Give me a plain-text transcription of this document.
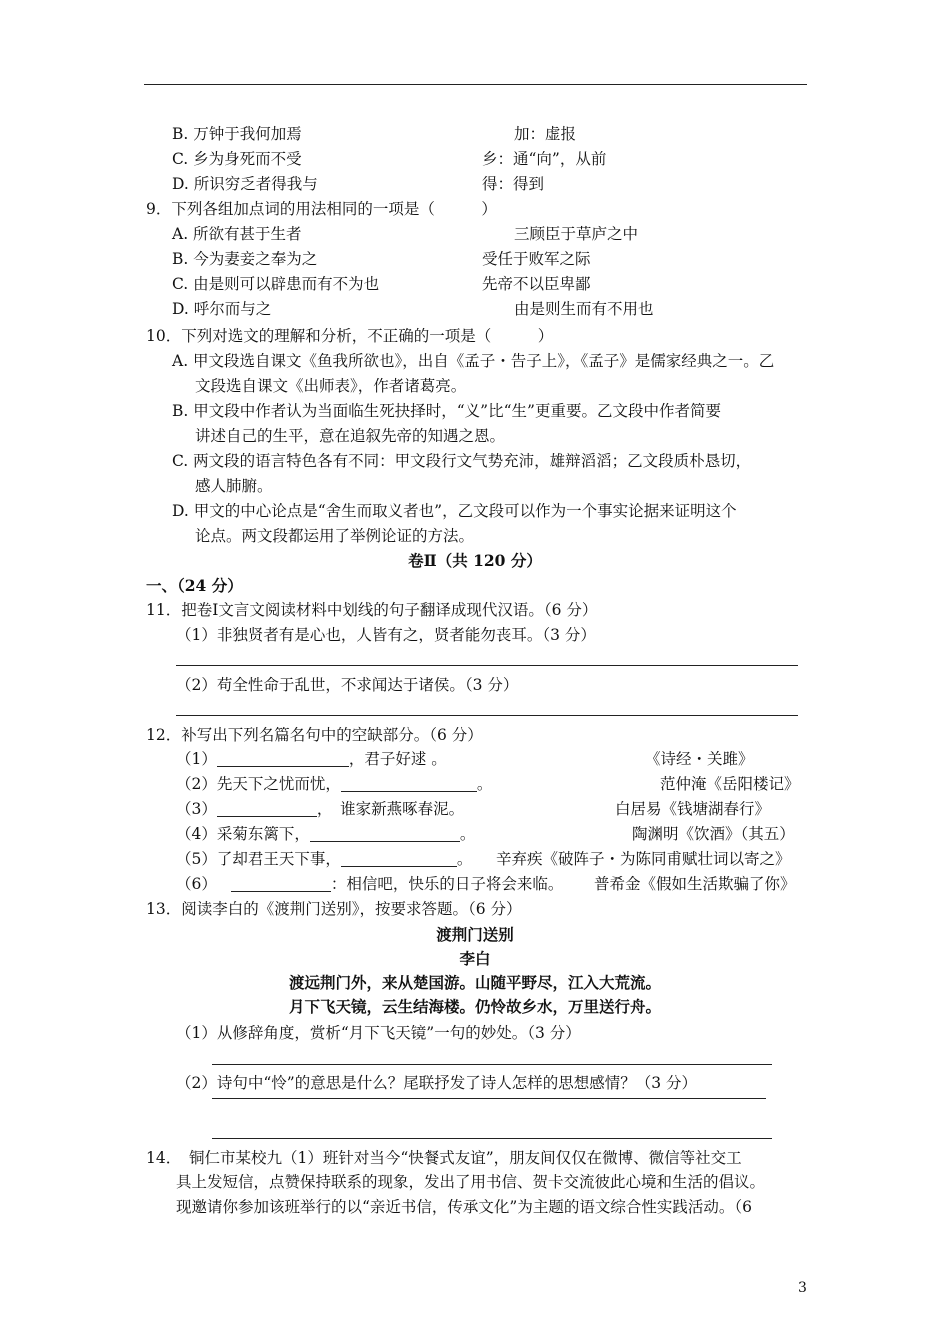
B. 万钟于我何加焉	加：虚报
C. 乡为身死而不受	乡：通“向”，从前
D. 所识穷乏者得我与	得：得到
9．下列各组加点词的用法相同的一项是（　　　）
A. 所欲有甚于生者	三顾臣于草庐之中
B. 今为妻妾之奉为之	受任于败军之际
C. 由是则可以辟患而有不为也	先帝不以臣卑鄙
D. 呼尔而与之	由是则生而有不用也
10．下列对选文的理解和分析，不正确的一项是（　　　）
A. 甲文段选自课文《鱼我所欲也》，出自《孟子・告子上》，《孟子》是儒家经典之一。乙
文段选自课文《出师表》，作者诸葛亮。
B. 甲文段中作者认为当面临生死抉择时，“义”比“生”更重要。乙文段中作者简要
讲述自己的生平，意在追叙先帝的知遇之恩。
C. 两文段的语言特色各有不同：甲文段行文气势充沛，雄辩滔滔；乙文段质朴恳切，
感人肺腑。
D. 甲文的中心论点是“舍生而取义者也”，乙文段可以作为一个事实论据来证明这个
论点。两文段都运用了举例论证的方法。
卷Ⅱ（共 120 分）
一、（24 分）
11．把卷Ⅰ文言文阅读材料中划线的句子翻译成现代汉语。（6 分）
（1）非独贤者有是心也，人皆有之，贤者能勿丧耳。（3 分）
（2）苟全性命于乱世，不求闻达于诸侯。（3 分）
12．补写出下列名篇名句中的空缺部分。（6 分）
（1）	，君子好逑 。	《诗经・关雎》
（2）先天下之忧而忧，	。	范仲淹《岳阳楼记》
（3）	，　谁家新燕啄春泥。	白居易《钱塘湖春行》
（4）采菊东篱下，	。	陶渊明《饮酒》（其五）
（5）了却君王天下事，	。 辛弃疾《破阵子・为陈同甫赋壮词以寄之》
（6）	：相信吧，快乐的日子将会来临。 普希金《假如生活欺骗了你》
13．阅读李白的《渡荆门送别》，按要求答题。（6 分）
渡荆门送别
李白
渡远荆门外，来从楚国游。山随平野尽，江入大荒流。
月下飞天镜，云生结海楼。仍怜故乡水，万里送行舟。
（1）从修辞角度，赏析“月下飞天镜”一句的妙处。（3 分）
（2）诗句中“怜”的意思是什么？尾联抒发了诗人怎样的思想感情？（3 分）
14．　铜仁市某校九（1）班针对当今“快餐式友谊”，朋友间仅仅在微博、微信等社交工
具上发短信，点赞保持联系的现象，发出了用书信、贺卡交流彼此心境和生活的倡议。
现邀请你参加该班举行的以“亲近书信，传承文化”为主题的语文综合性实践活动。（6
3
